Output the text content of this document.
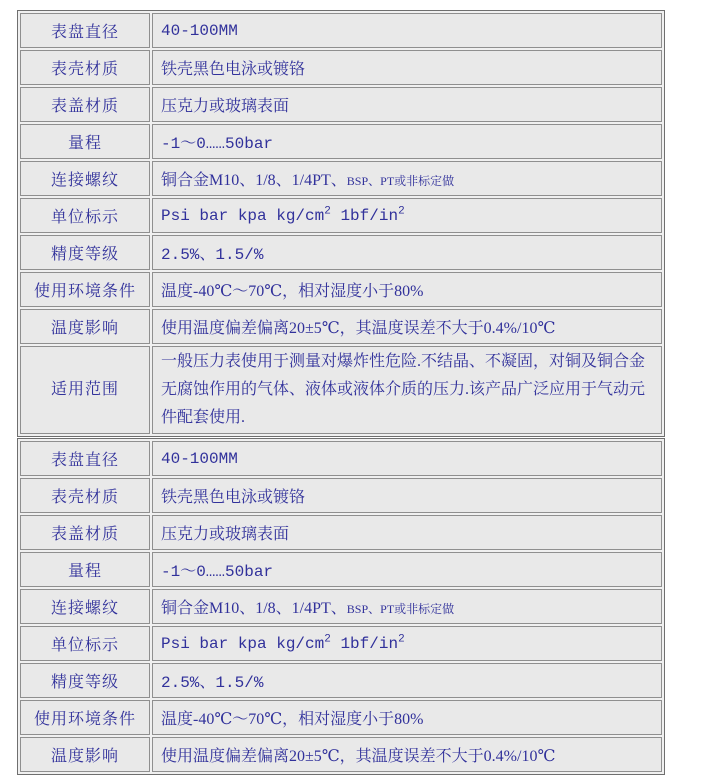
表盘直径	40-100MM
表壳材质	铁壳黑色电泳或镀铬
表盖材质	压克力或玻璃表面
量程	-1～0……50bar
连接螺纹	铜合金M10、1/8、1/4PT、BSP、PT或非标定做
单位标示	Psi bar kpa $kg/cm^2$ $1bf/in^2$
精度等级	2.5%、1.5/%
使用环境条件	温度-40℃～70℃，相对湿度小于80%
温度影响	使用温度偏差偏离20±5℃，其温度误差不大于0.4%/10℃
适用范围	一般压力表使用于测量对爆炸性危险.不结晶、不凝固，对铜及铜合金无腐蚀作用的气体、液体或液体介质的压力.该产品广泛应用于气动元件配套使用.
表盘直径	40-100MM
表壳材质	铁壳黑色电泳或镀铬
表盖材质	压克力或玻璃表面
量程	-1～0……50bar
连接螺纹	铜合金M10、1/8、1/4PT、BSP、PT或非标定做
单位标示	Psi bar kpa $kg/cm^2$ $1bf/in^2$
精度等级	2.5%、1.5/%
使用环境条件	温度-40℃～70℃，相对湿度小于80%
温度影响	使用温度偏差偏离20±5℃，其温度误差不大于0.4%/10℃
